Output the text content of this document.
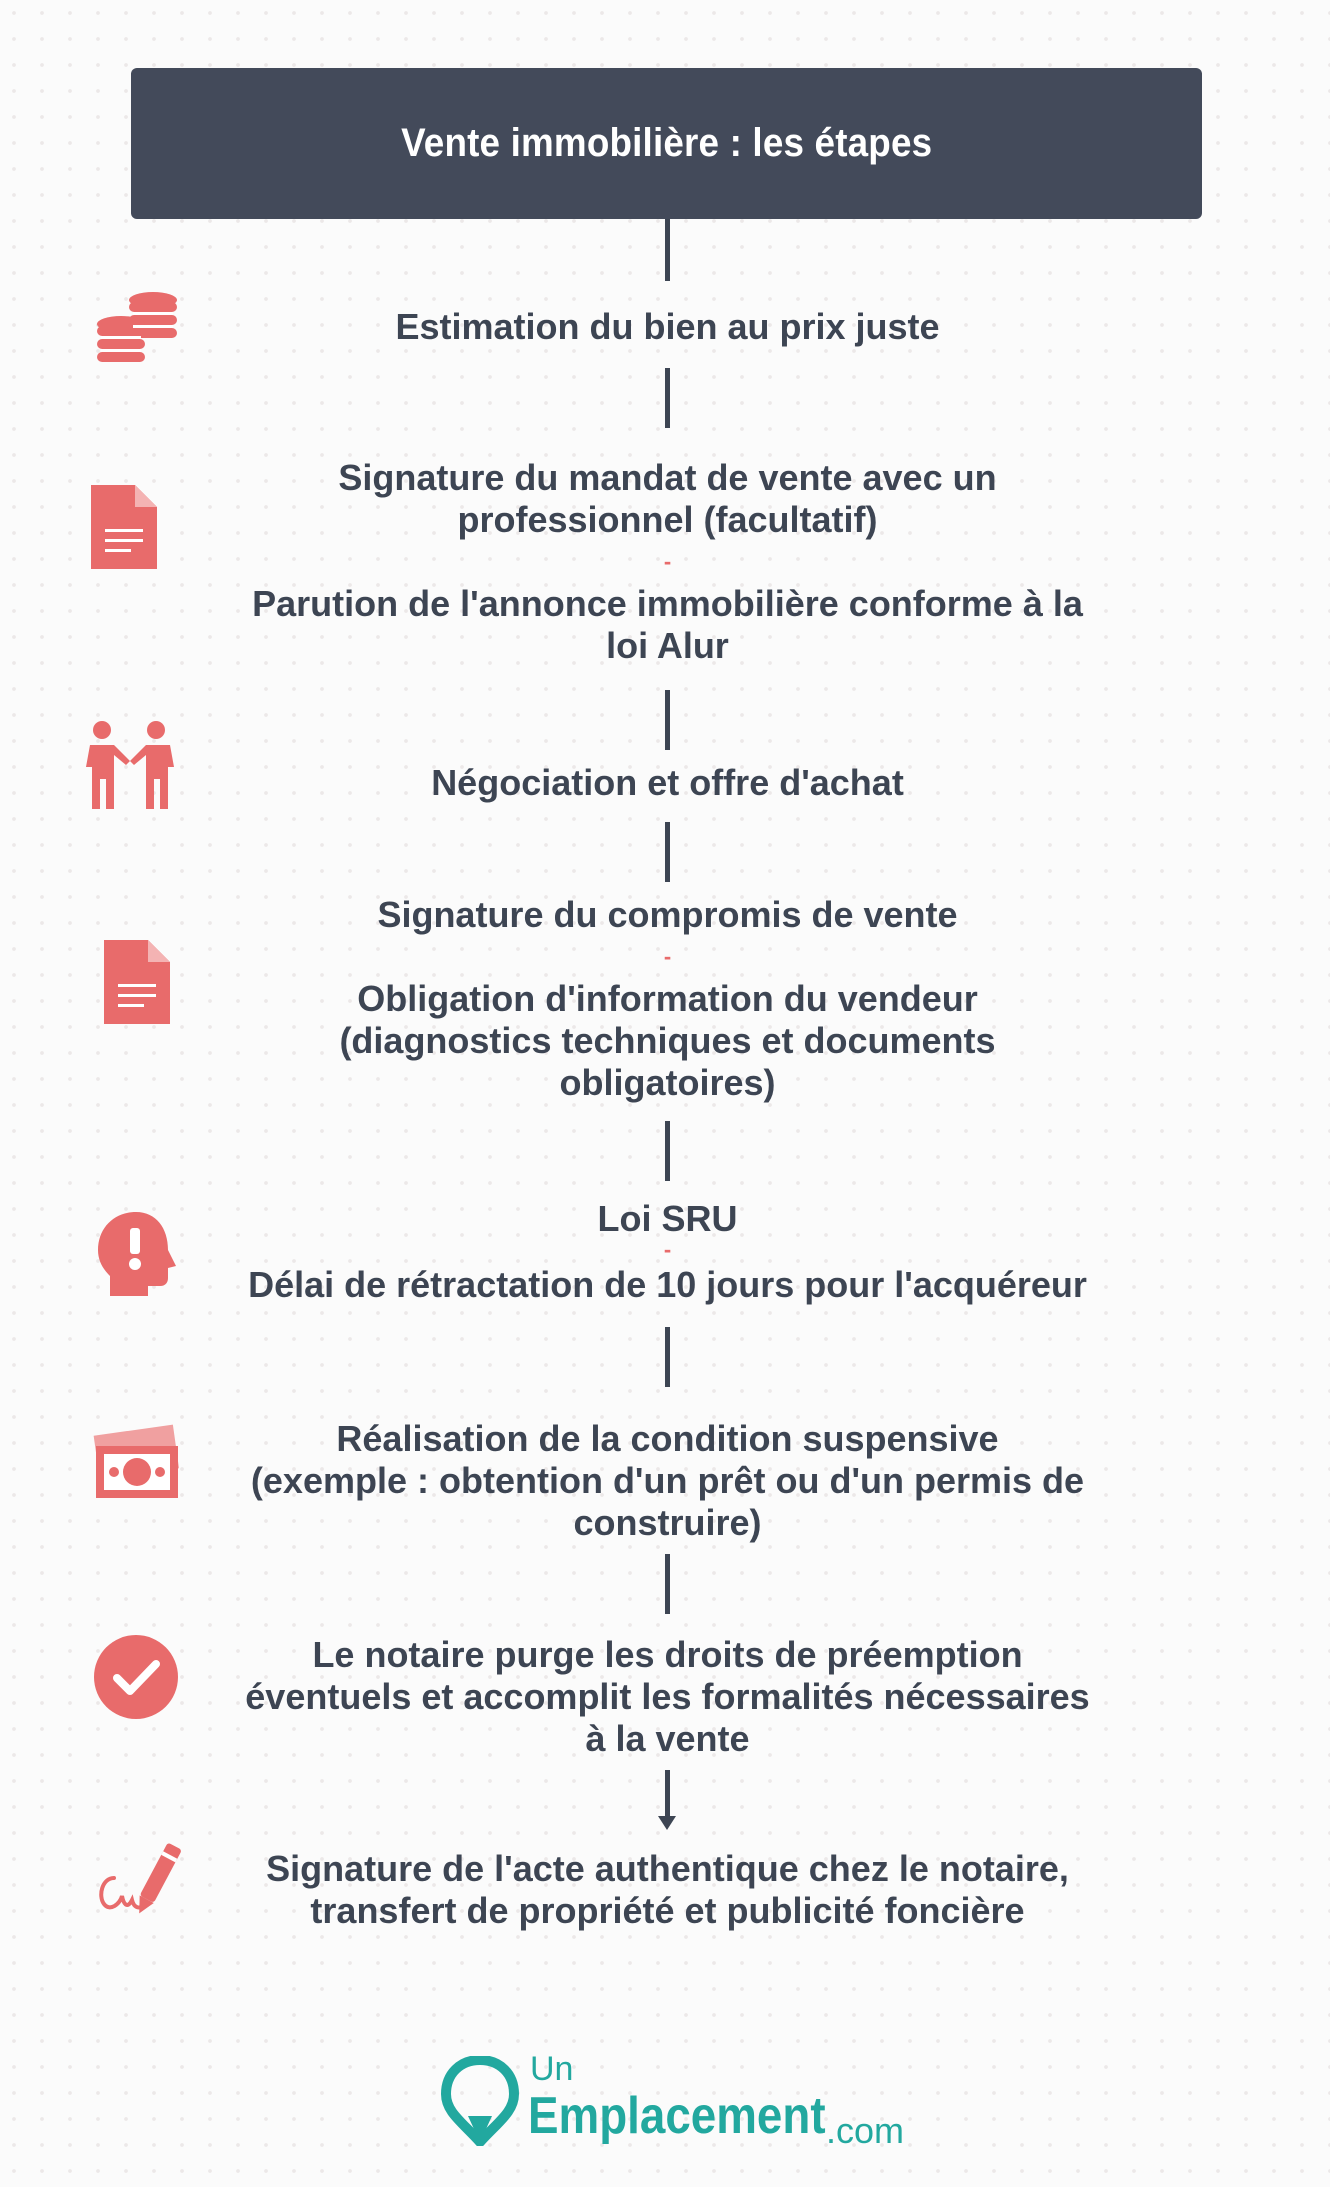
Vente immobilière : les étapes
Estimation du bien au prix juste
Signature du mandat de vente avec un
professionnel (facultatif)
-
Parution de l'annonce immobilière conforme à la
loi Alur
Négociation et offre d'achat
Signature du compromis de vente
-
Obligation d'information du vendeur
(diagnostics techniques et documents
obligatoires)
Loi SRU
-
Délai de rétractation de 10 jours pour l'acquéreur
Réalisation de la condition suspensive
(exemple : obtention d'un prêt ou d'un permis de
construire)
Le notaire purge les droits de préemption
éventuels et accomplit les formalités nécessaires
à la vente
Signature de l'acte authentique chez le notaire,
transfert de propriété et publicité foncière
Un
Emplacement .com
